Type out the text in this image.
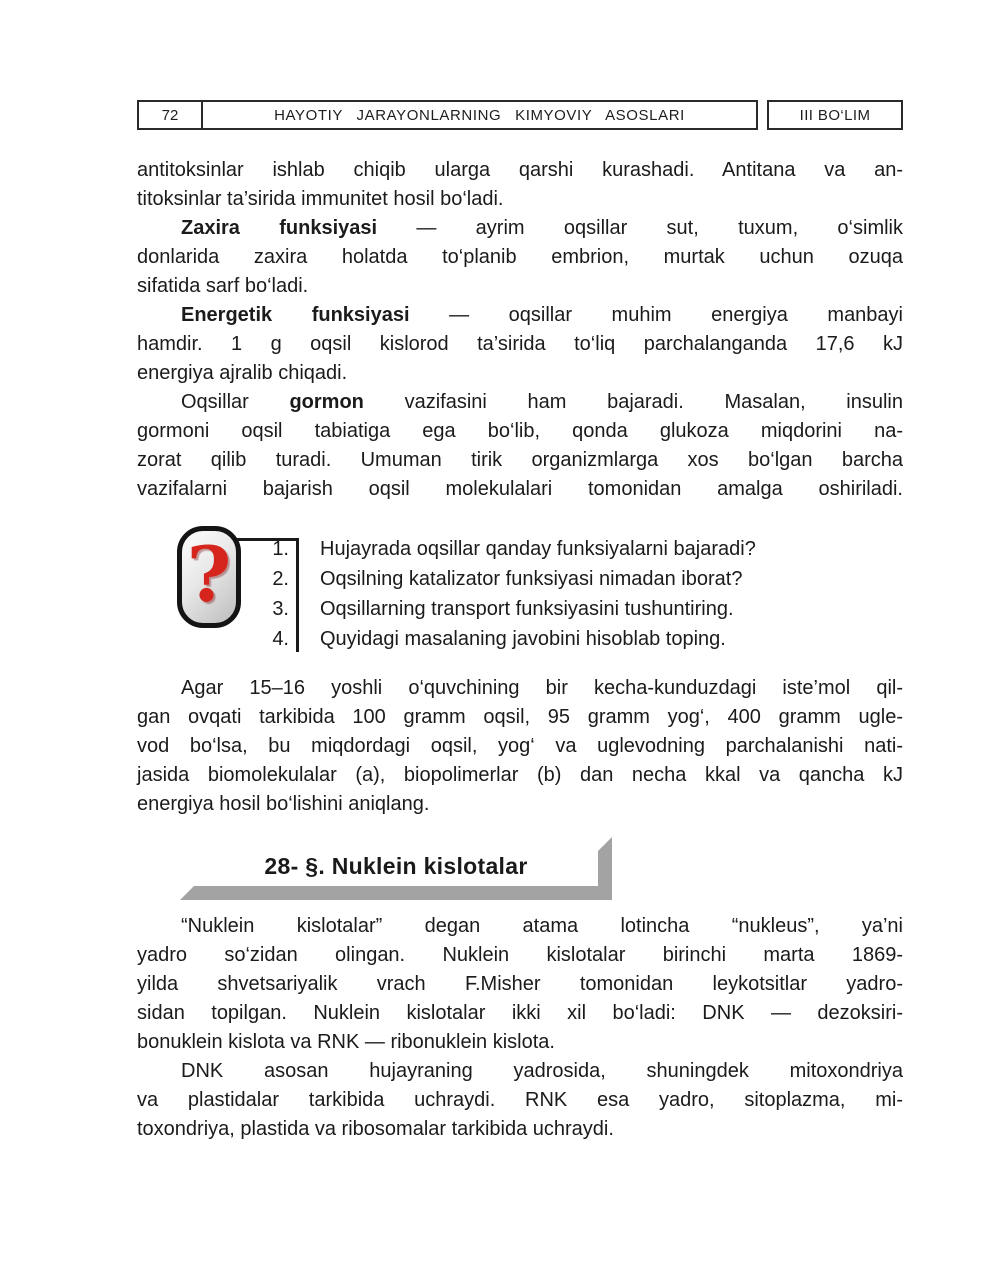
72	HAYOTIY JARAYONLARNING KIMYOVIY ASOSLARI	III BO‘LIM
antitoksinlar ishlab chiqib ularga qarshi kurashadi. Antitana va an-
titoksinlar ta’sirida immunitet hosil bo‘ladi.
Zaxira funksiyasi — ayrim oqsillar sut, tuxum, o‘simlik
donlarida zaxira holatda to‘planib embrion, murtak uchun ozuqa
sifatida sarf bo‘ladi.
Energetik funksiyasi — oqsillar muhim energiya manbayi
hamdir. 1 g oqsil kislorod ta’sirida to‘liq parchalanganda 17,6 kJ
energiya ajralib chiqadi.
Oqsillar gormon vazifasini ham bajaradi. Masalan, insulin
gormoni oqsil tabiatiga ega bo‘lib, qonda glukoza miqdorini na-
zorat qilib turadi. Umuman tirik organizmlarga xos bo‘lgan barcha
vazifalarni bajarish oqsil molekulalari tomonidan amalga oshiriladi.
?	1.
2.
3.
4.
Hujayrada oqsillar qanday funksiyalarni bajaradi?
Oqsilning katalizator funksiyasi nimadan iborat?
Oqsillarning transport funksiyasini tushuntiring.
Quyidagi masalaning javobini hisoblab toping.
Agar 15–16 yoshli o‘quvchining bir kecha-kunduzdagi iste’mol qil-
gan ovqati tarkibida 100 gramm oqsil, 95 gramm yog‘, 400 gramm ugle-
vod bo‘lsa, bu miqdordagi oqsil, yog‘ va uglevodning parchalanishi nati-
jasida biomolekulalar (a), biopolimerlar (b) dan necha kkal va qancha kJ
energiya hosil bo‘lishini aniqlang.
28- §. Nuklein kislotalar
“Nuklein kislotalar” degan atama lotincha “nukleus”, ya’ni
yadro so‘zidan olingan. Nuklein kislotalar birinchi marta 1869-
yilda shvetsariyalik vrach F.Misher tomonidan leykotsitlar yadro-
sidan topilgan. Nuklein kislotalar ikki xil bo‘ladi: DNK — dezoksiri-
bonuklein kislota va RNK — ribonuklein kislota.
DNK asosan hujayraning yadrosida, shuningdek mitoxondriya
va plastidalar tarkibida uchraydi. RNK esa yadro, sitoplazma, mi-
toxondriya, plastida va ribosomalar tarkibida uchraydi.
